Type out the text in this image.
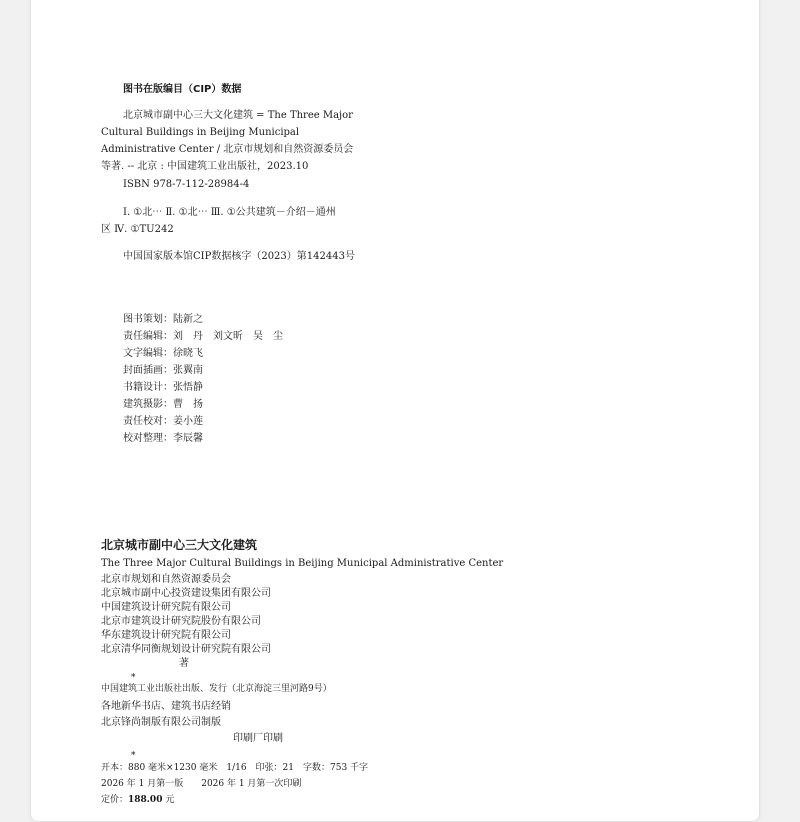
图书在版编目（CIP）数据
北京城市副中心三大文化建筑 = The Three Major
Cultural Buildings in Beijing Municipal
Administrative Center / 北京市规划和自然资源委员会
等著. -- 北京 : 中国建筑工业出版社，2023.10
ISBN 978-7-112-28984-4
Ⅰ. ①北⋯ Ⅱ. ①北⋯ Ⅲ. ①公共建筑－介绍－通州
区 Ⅳ. ①TU242
中国国家版本馆CIP数据核字（2023）第142443号
图书策划：陆新之
责任编辑：刘　丹　刘文昕　吴　尘
文字编辑：徐晓飞
封面插画：张翼南
书籍设计：张悟静
建筑摄影：曹　扬
责任校对：姜小莲
校对整理：李辰馨
北京城市副中心三大文化建筑
The Three Major Cultural Buildings in Beijing Municipal Administrative Center
北京市规划和自然资源委员会
北京城市副中心投资建设集团有限公司
中国建筑设计研究院有限公司
北京市建筑设计研究院股份有限公司
华东建筑设计研究院有限公司
北京清华同衡规划设计研究院有限公司
著
*
中国建筑工业出版社出版、发行（北京海淀三里河路9号）
各地新华书店、建筑书店经销
北京锋尚制版有限公司制版
印刷厂印刷
*
开本：880 毫米×1230 毫米　1/16　印张：21　字数：753 千字
2026 年 1 月第一版　　2026 年 1 月第一次印刷
定价：188.00 元
